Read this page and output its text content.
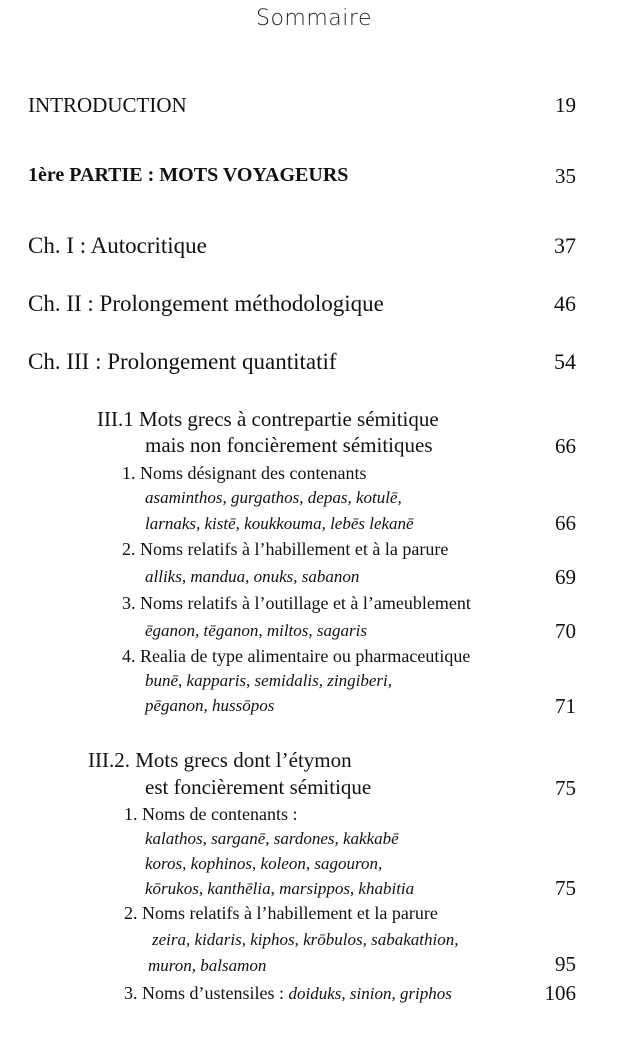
Sommaire
INTRODUCTION	19
1ère PARTIE : MOTS VOYAGEURS	35
Ch. I : Autocritique	37
Ch. II : Prolongement méthodologique	46
Ch. III : Prolongement quantitatif	54
III.1 Mots grecs à contrepartie sémitique
mais non foncièrement sémitiques	66
1. Noms désignant des contenants
asaminthos, gurgathos, depas, kotulē,
larnaks, kistē, koukkouma, lebēs lekanē	66
2. Noms relatifs à l’habillement et à la parure
alliks, mandua, onuks, sabanon	69
3. Noms relatifs à l’outillage et à l’ameublement
ēganon, tēganon, miltos, sagaris	70
4. Realia de type alimentaire ou pharmaceutique
bunē, kapparis, semidalis, zingiberi,
pēganon, hussōpos	71
III.2. Mots grecs dont l’étymon
est foncièrement sémitique	75
1. Noms de contenants :
kalathos, sarganē, sardones, kakkabē
koros, kophinos, koleon, sagouron,
kōrukos, kanthēlia, marsippos, khabitia	75
2. Noms relatifs à l’habillement et la parure
zeira, kidaris, kiphos, krōbulos, sabakathion,
muron, balsamon	95
3. Noms d’ustensiles : doiduks, sinion, griphos	106
